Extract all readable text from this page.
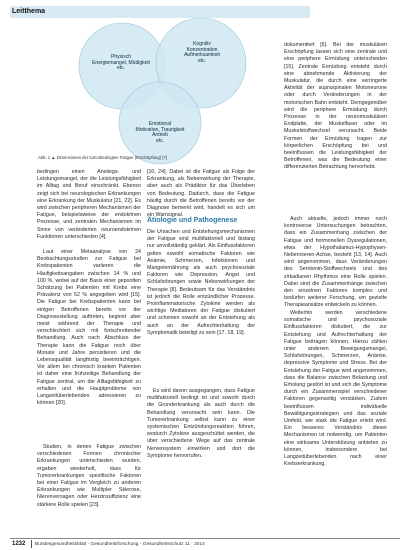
Leitthema
Physisch
Energiemangel, Müdigkeit
etc.
Kognitiv
Konzentration
Aufmerksamkeit
etc.
Emotional
Motivation, Traurigkeit
Antrieb
etc.
Abb. 1 ▲ Dimensionen der tumorbedingten Fatigue (Erschöpfung) [7]

bedingen einen Anstiegs- und Leistungsmangel, der die Leistungsfähigkeit im Alltag und Beruf einschränkt. Ebenso zeigt sich bei neurologischen Erkrankungen eine Erkrankung der Muskulatur [21, 22]. Es wird zwischen peripheren Mechanismen der Fatigue, beispielsweise der endokrinen Prozesse, und zentralen Mechanismen im Sinne von veränderten neuroendokrinen Funktionen unterschieden [4].

Laut einer Metaanalyse von 24 Beobachtungsstudien zur Fatigue bei Krebspatienten variieren die Häufigkeitsangaben zwischen 14 % und 100 %, wobei auf der Basis einer gepoolten Schätzung bei Patienten mit Krebs eine Prävalenz von 52 % angegeben wird [15]. Die Fatigue bei Krebspatienten kann bei einigen Betroffenen bereits vor der Diagnosestellung auftreten, beginnt aber meist während der Therapie und verschlechtert sich mit fortschreitender Behandlung. Auch nach Abschluss der Therapie kann die Fatigue noch über Monate und Jahre persistieren und die Lebensqualität langfristig beeinträchtigen. Vor allem bei chronisch kranken Patienten ist daher eine frühzeitige Behandlung der Fatigue zentral, um die Alltagsfähigkeit zu erhalten und die Hauptprobleme von Langzeitüberlebenden adressieren zu können [20].

Studien, in denen Fatigue zwischen verschiedenen Formen chronischer Erkrankungen unterschieden wurden, ergaben wiederholt, dass für Tumorerkrankungen spezifische Faktoren bei einer Fatigue im Vergleich zu anderen Erkrankungen wie Multipler Sklerose, Nierenversagen oder Herzinsuffizienz eine stärkere Rolle spielen [23].

[10, 24]. Dabei ist die Fatigue als Folge der Erkrankung, als Nebenwirkung der Therapie, aber auch als Prädiktor für das Überleben von Bedeutung. Dadurch, dass die Fatigue häufig durch die Betroffenen bereits vor der Diagnose bemerkt wird, handelt es sich um ein Warnsignal.

Ätiologie und Pathogenese

Die Ursachen und Entstehungsmechanismen der Fatigue sind multifaktoriell und bislang nur unvollständig geklärt. Als Einflussfaktoren gelten sowohl somatische Faktoren wie Anämie, Schmerzen, Infektionen und Mangelernährung als auch psychosoziale Faktoren wie Depression, Angst und Schlafstörungen sowie Nebenwirkungen der Therapie [8]. Bedeutsam für das Verständnis ist jedoch die Rolle entzündlicher Prozesse. Proinflammatorische Zytokine werden als wichtige Mediatoren der Fatigue diskutiert und scheinen sowohl an der Entstehung als auch an der Aufrechterhaltung der Symptomatik beteiligt zu sein [17, 18, 19].

Es wird davon ausgegangen, dass Fatigue multifaktoriell bedingt ist und sowohl durch die Grunderkrankung als auch durch die Behandlung verursacht sein kann. Die Tumorerkrankung selbst kann zu einer systemischen Entzündungsreaktion führen, wodurch Zytokine ausgeschüttet werden, die über verschiedene Wege auf das zentrale Nervensystem einwirken und dort die Symptome hervorrufen.

dokumentiert [6]. Bei der muskulären Erschöpfung lassen sich eine zentrale und eine periphere Ermüdung unterscheiden [15]. Zentrale Ermüdung entsteht durch eine abnehmende Aktivierung der Muskulatur, die durch eine verringerte Aktivität der supraspinalen Motoneurone oder durch Veränderungen in der motorischen Bahn entsteht. Demgegenüber wird die periphere Ermüdung durch Prozesse in der neuromuskulären Endplatte, der Muskelfaser oder im Muskelstoffwechsel verursacht. Beide Formen der Ermüdung tragen zur körperlichen Erschöpfung bei und beeinflussen die Leistungsfähigkeit der Betroffenen, was die Bedeutung einer differenzierten Betrachtung hervorhebt.

Auch aktuelle, jedoch immer noch kontroverse Untersuchungen betrachten, dass ein Zusammenhang zwischen der Fatigue und hormonellen Dysregulationen, etwa der Hypothalamus-Hypophysen-Nebennieren-Achse, besteht [13, 14]. Auch wird angenommen, dass Veränderungen des Serotonin-Stoffwechsels und des zirkadianen Rhythmus eine Rolle spielen. Dabei sind die Zusammenhänge zwischen den einzelnen Faktoren komplex und bedürfen weiterer Forschung, um gezielte Therapieansätze entwickeln zu können.

Weiterhin werden verschiedene somatische und psychosoziale Einflussfaktoren diskutiert, die zur Entstehung und Aufrechterhaltung der Fatigue beitragen können. Hierzu zählen unter anderem Bewegungsmangel, Schlafstörungen, Schmerzen, Anämie, depressive Symptome und Stress. Bei der Entstehung der Fatigue wird angenommen, dass die Balance zwischen Belastung und Erholung gestört ist und sich die Symptome durch ein Zusammenspiel verschiedener Faktoren gegenseitig verstärken. Zudem beeinflussen individuelle Bewältigungsstrategien und das soziale Umfeld, wie stark die Fatigue erlebt wird. Ein besseres Verständnis dieser Mechanismen ist notwendig, um Patienten eine wirksame Unterstützung anbieten zu können, insbesondere bei Langzeitüberlebenden nach einer Krebserkrankung.

1232 Bundesgesundheitsblatt - Gesundheitsforschung - Gesundheitsschutz 11 · 2014
